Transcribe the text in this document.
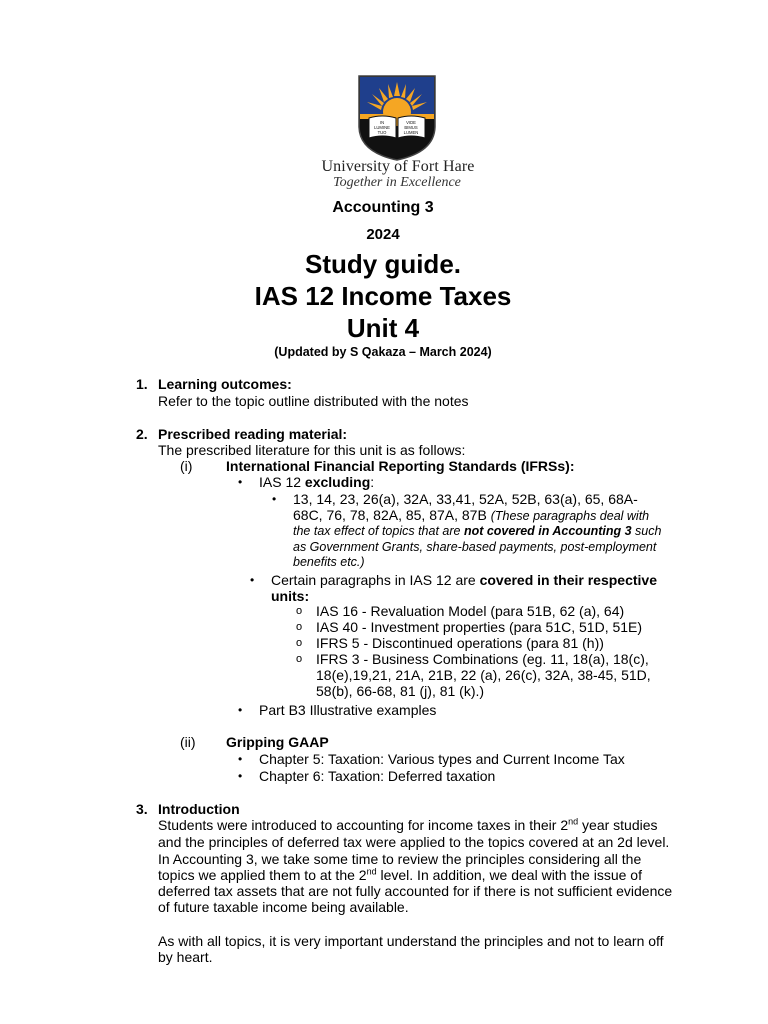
IN
LUMINE
TUO
VIDE
BIMUS
LUMEN
University of Fort Hare
Together in Excellence
Accounting 3
2024
Study guide.
IAS 12 Income Taxes
Unit 4
(Updated by S Qakaza – March 2024)
1. Learning outcomes:
Refer to the topic outline distributed with the notes
2. Prescribed reading material:
The prescribed literature for this unit is as follows:
(i) International Financial Reporting Standards (IFRSs):
• IAS 12 excluding:
• 13, 14, 23, 26(a), 32A, 33,41, 52A, 52B, 63(a), 65, 68A-
68C, 76, 78, 82A, 85, 87A, 87B (These paragraphs deal with
the tax effect of topics that are not covered in Accounting 3 such
as Government Grants, share-based payments, post-employment
benefits etc.)
• Certain paragraphs in IAS 12 are covered in their respective
units:
o IAS 16 - Revaluation Model (para 51B, 62 (a), 64)
o IAS 40 - Investment properties (para 51C, 51D, 51E)
o IFRS 5 - Discontinued operations (para 81 (h))
o IFRS 3 - Business Combinations (eg. 11, 18(a), 18(c),
18(e),19,21, 21A, 21B, 22 (a), 26(c), 32A, 38-45, 51D,
58(b), 66-68, 81 (j), 81 (k).)
• Part B3 Illustrative examples
(ii) Gripping GAAP
• Chapter 5: Taxation: Various types and Current Income Tax
• Chapter 6: Taxation: Deferred taxation
3. Introduction
Students were introduced to accounting for income taxes in their 2nd year studies
and the principles of deferred tax were applied to the topics covered at an 2d level.
In Accounting 3, we take some time to review the principles considering all the
topics we applied them to at the 2nd level. In addition, we deal with the issue of
deferred tax assets that are not fully accounted for if there is not sufficient evidence
of future taxable income being available.
As with all topics, it is very important understand the principles and not to learn off
by heart.
